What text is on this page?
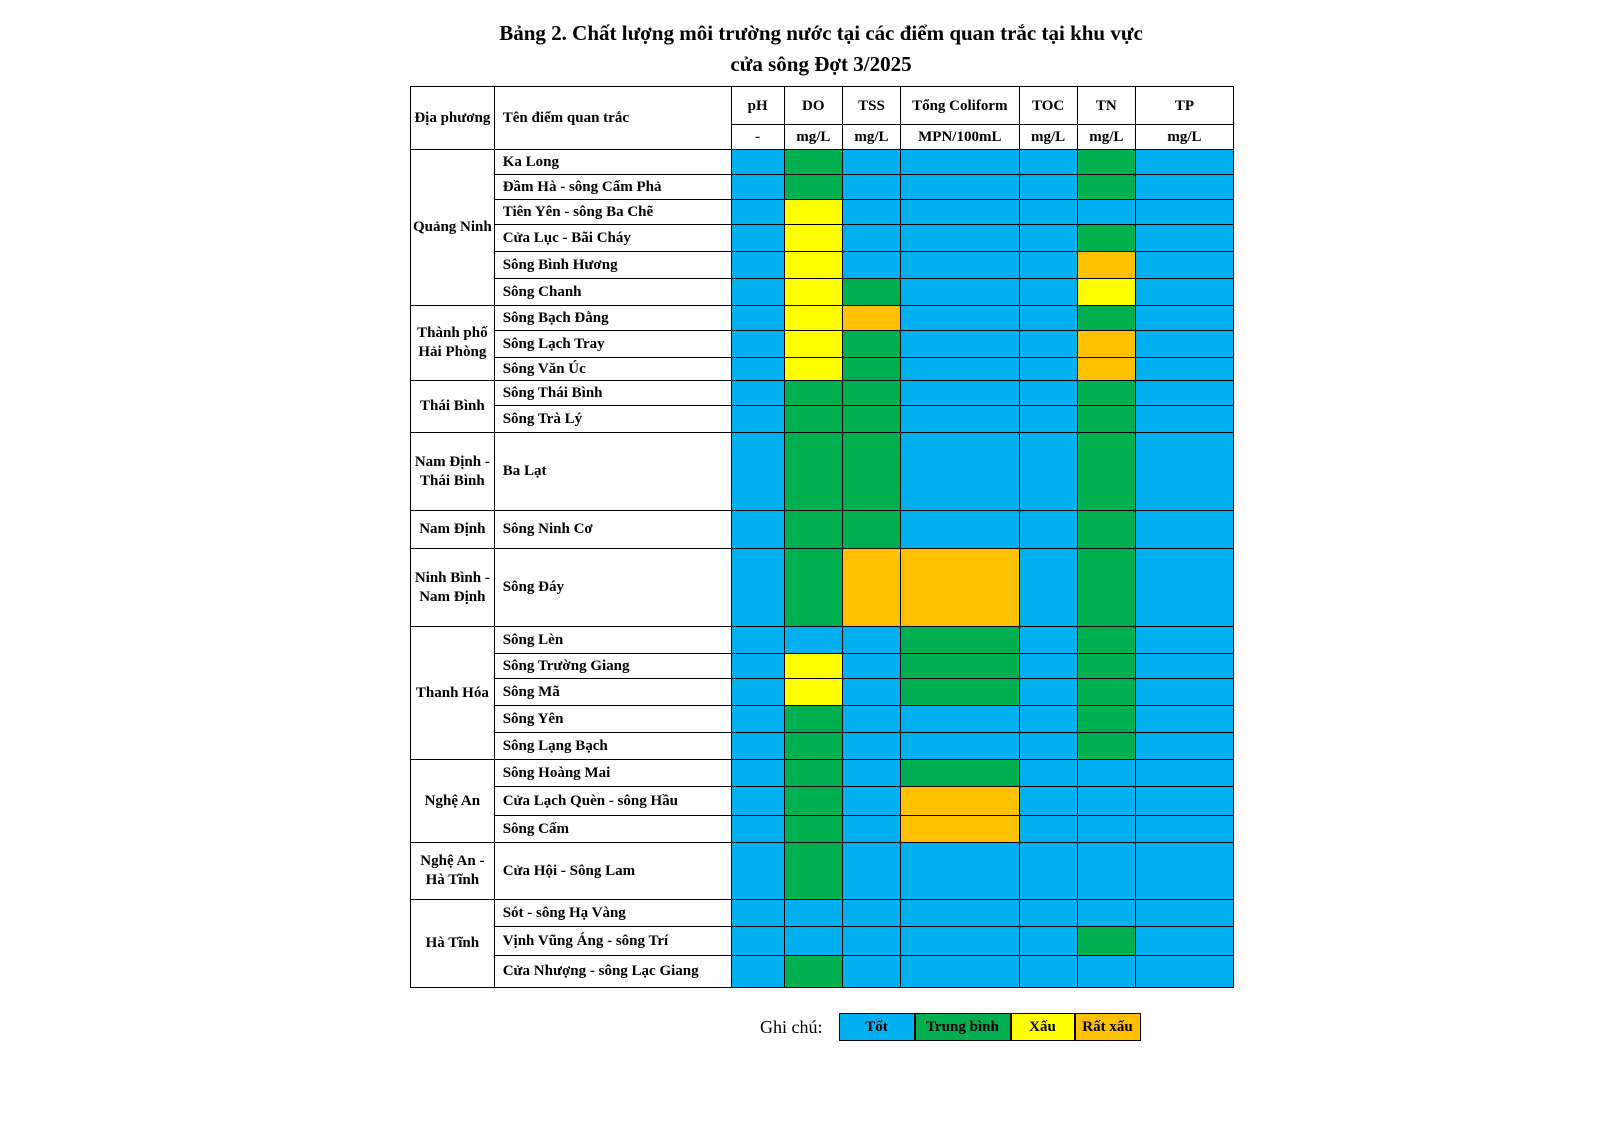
Bảng 2. Chất lượng môi trường nước tại các điểm quan trắc tại khu vực
cửa sông Đợt 3/2025
Địa phương	Tên điểm quan trắc	pH	DO	TSS	Tổng Coliform	TOC	TN	TP
		-	mg/L	mg/L	MPN/100mL	mg/L	mg/L	mg/L
Quảng Ninh	Ka Long							
	Đầm Hà - sông Cẩm Phả							
	Tiên Yên - sông Ba Chẽ							
	Cửa Lục - Bãi Cháy							
	Sông Bình Hương							
	Sông Chanh							
Thành phố Hải Phòng	Sông Bạch Đằng							
	Sông Lạch Tray							
	Sông Văn Úc							
Thái Bình	Sông Thái Bình							
	Sông Trà Lý							
Nam Định - Thái Bình	Ba Lạt							
Nam Định	Sông Ninh Cơ							
Ninh Bình - Nam Định	Sông Đáy							
Thanh Hóa	Sông Lèn							
	Sông Trường Giang							
	Sông Mã							
	Sông Yên							
	Sông Lạng Bạch							
Nghệ An	Sông Hoàng Mai							
	Cửa Lạch Quèn - sông Hầu							
	Sông Cấm							
Nghệ An - Hà Tĩnh	Cửa Hội - Sông Lam							
Hà Tĩnh	Sót - sông Hạ Vàng							
	Vịnh Vũng Áng - sông Trí							
	Cửa Nhượng - sông Lạc Giang							
Ghi chú:	Tốt	Trung bình	Xấu	Rất xấu
